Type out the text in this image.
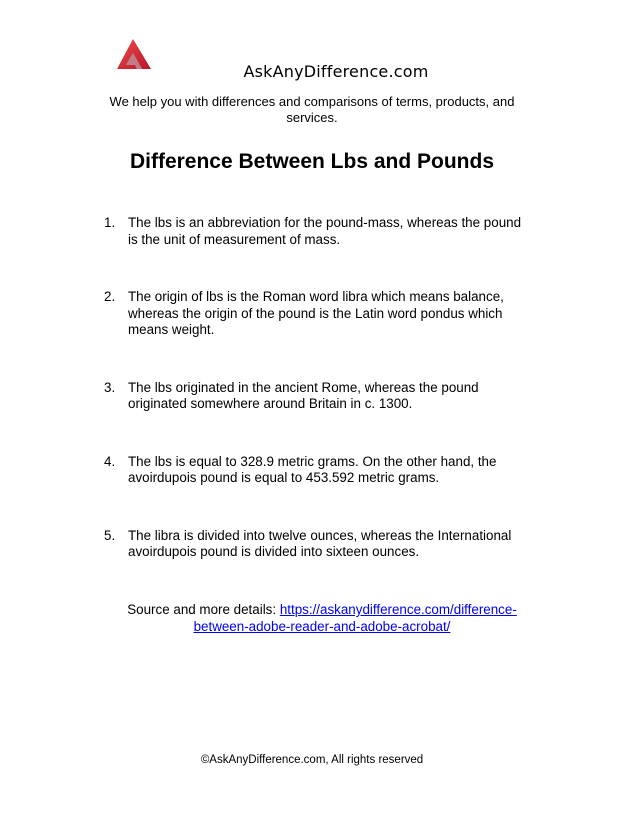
AskAnyDifference.com
We help you with differences and comparisons of terms, products, and services.
Difference Between Lbs and Pounds
1. The lbs is an abbreviation for the pound-mass, whereas the pound is the unit of measurement of mass.
2. The origin of lbs is the Roman word libra which means balance, whereas the origin of the pound is the Latin word pondus which means weight.
3. The lbs originated in the ancient Rome, whereas the pound originated somewhere around Britain in c. 1300.
4. The lbs is equal to 328.9 metric grams. On the other hand, the avoirdupois pound is equal to 453.592 metric grams.
5. The libra is divided into twelve ounces, whereas the International avoirdupois pound is divided into sixteen ounces.
Source and more details: https://askanydifference.com/difference-between-adobe-reader-and-adobe-acrobat/
©AskAnyDifference.com, All rights reserved
